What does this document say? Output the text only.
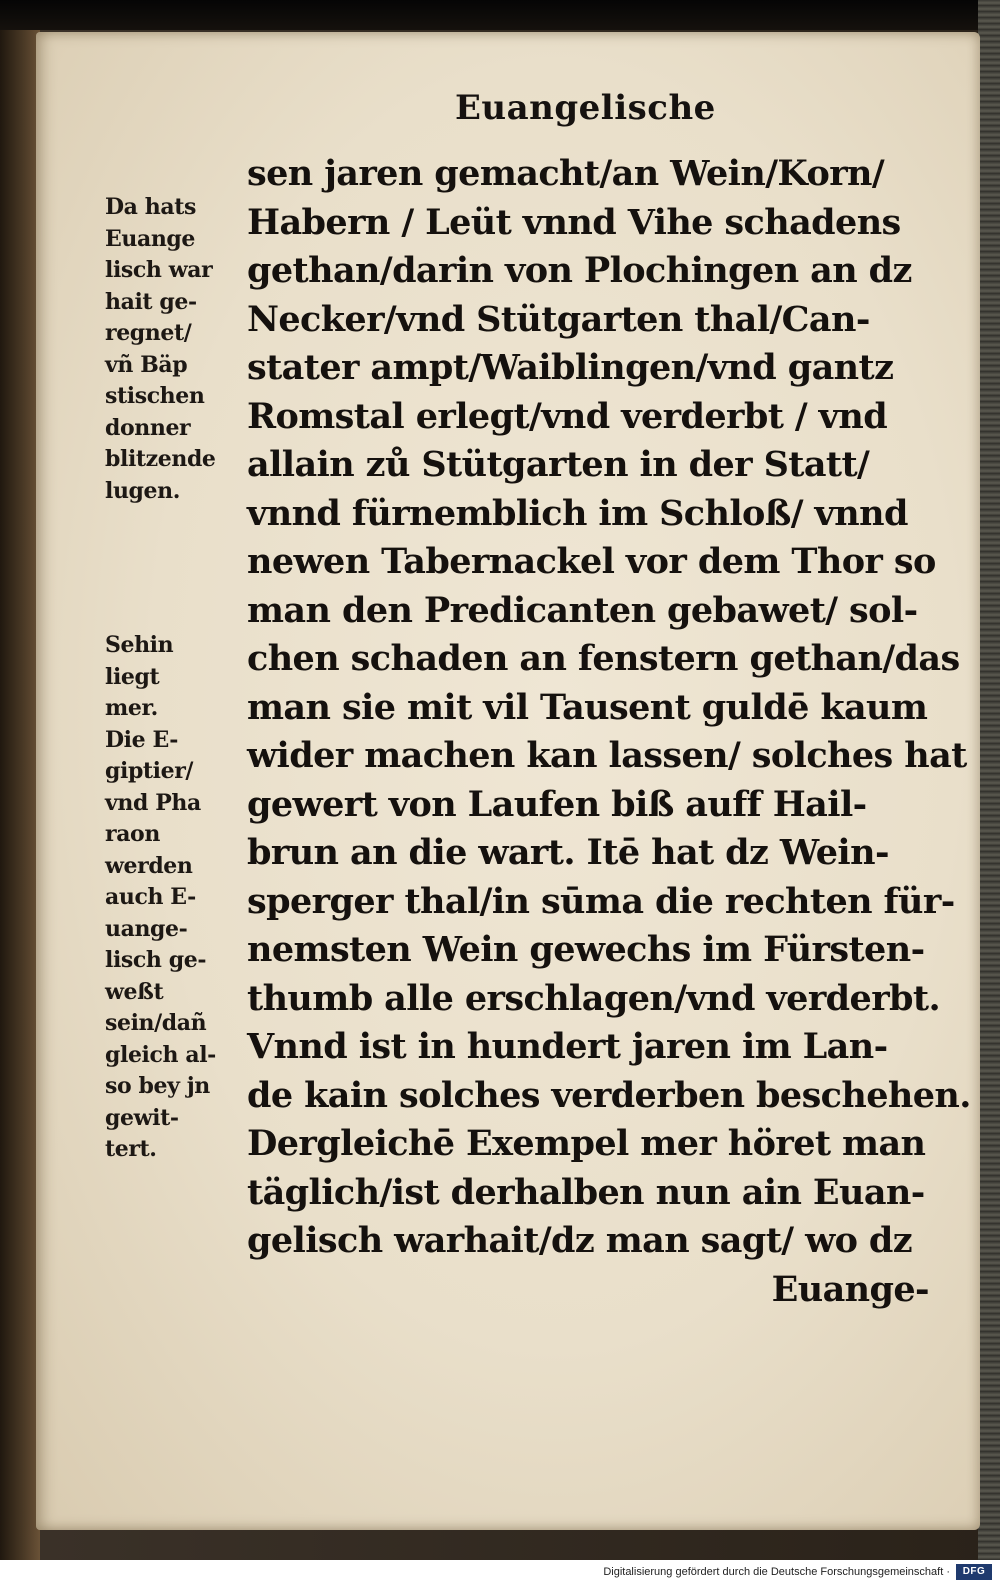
Euangelische
Da hats
Euange
lisch war
hait ge-
regnet/
vñ Bäp
stischen
donner
blitzende
lugen.
Sehin
liegt
mer.
Die E-
giptier/
vnd Pha
raon
werden
auch E-
uange-
lisch ge-
weßt
sein/dañ
gleich al-
so bey jn
gewit-
tert.
sen jaren gemacht/an Wein/Korn/
Habern / Leüt vnnd Vihe schadens
gethan/darin von Plochingen an dz
Necker/vnd Stütgarten thal/Can-
stater ampt/Waiblingen/vnd gantz
Romstal erlegt/vnd verderbt / vnd
allain zů Stütgarten in der Statt/
vnnd fürnemblich im Schloß/ vnnd
newen Tabernackel vor dem Thor so
man den Predicanten gebawet/ sol-
chen schaden an fenstern gethan/das
man sie mit vil Tausent guldē kaum
wider machen kan lassen/ solches hat
gewert von Laufen biß auff Hail-
brun an die wart. Itē hat dz Wein-
sperger thal/in sūma die rechten für-
nemsten Wein gewechs im Fürsten-
thumb alle erschlagen/vnd verderbt.
Vnnd ist in hundert jaren im Lan-
de kain solches verderben beschehen.
Dergleichē Exempel mer höret man
täglich/ist derhalben nun ain Euan-
gelisch warhait/dz man sagt/ wo dz
Euange-
Digitalisierung gefördert durch die Deutsche Forschungsgemeinschaft ·	DFG
